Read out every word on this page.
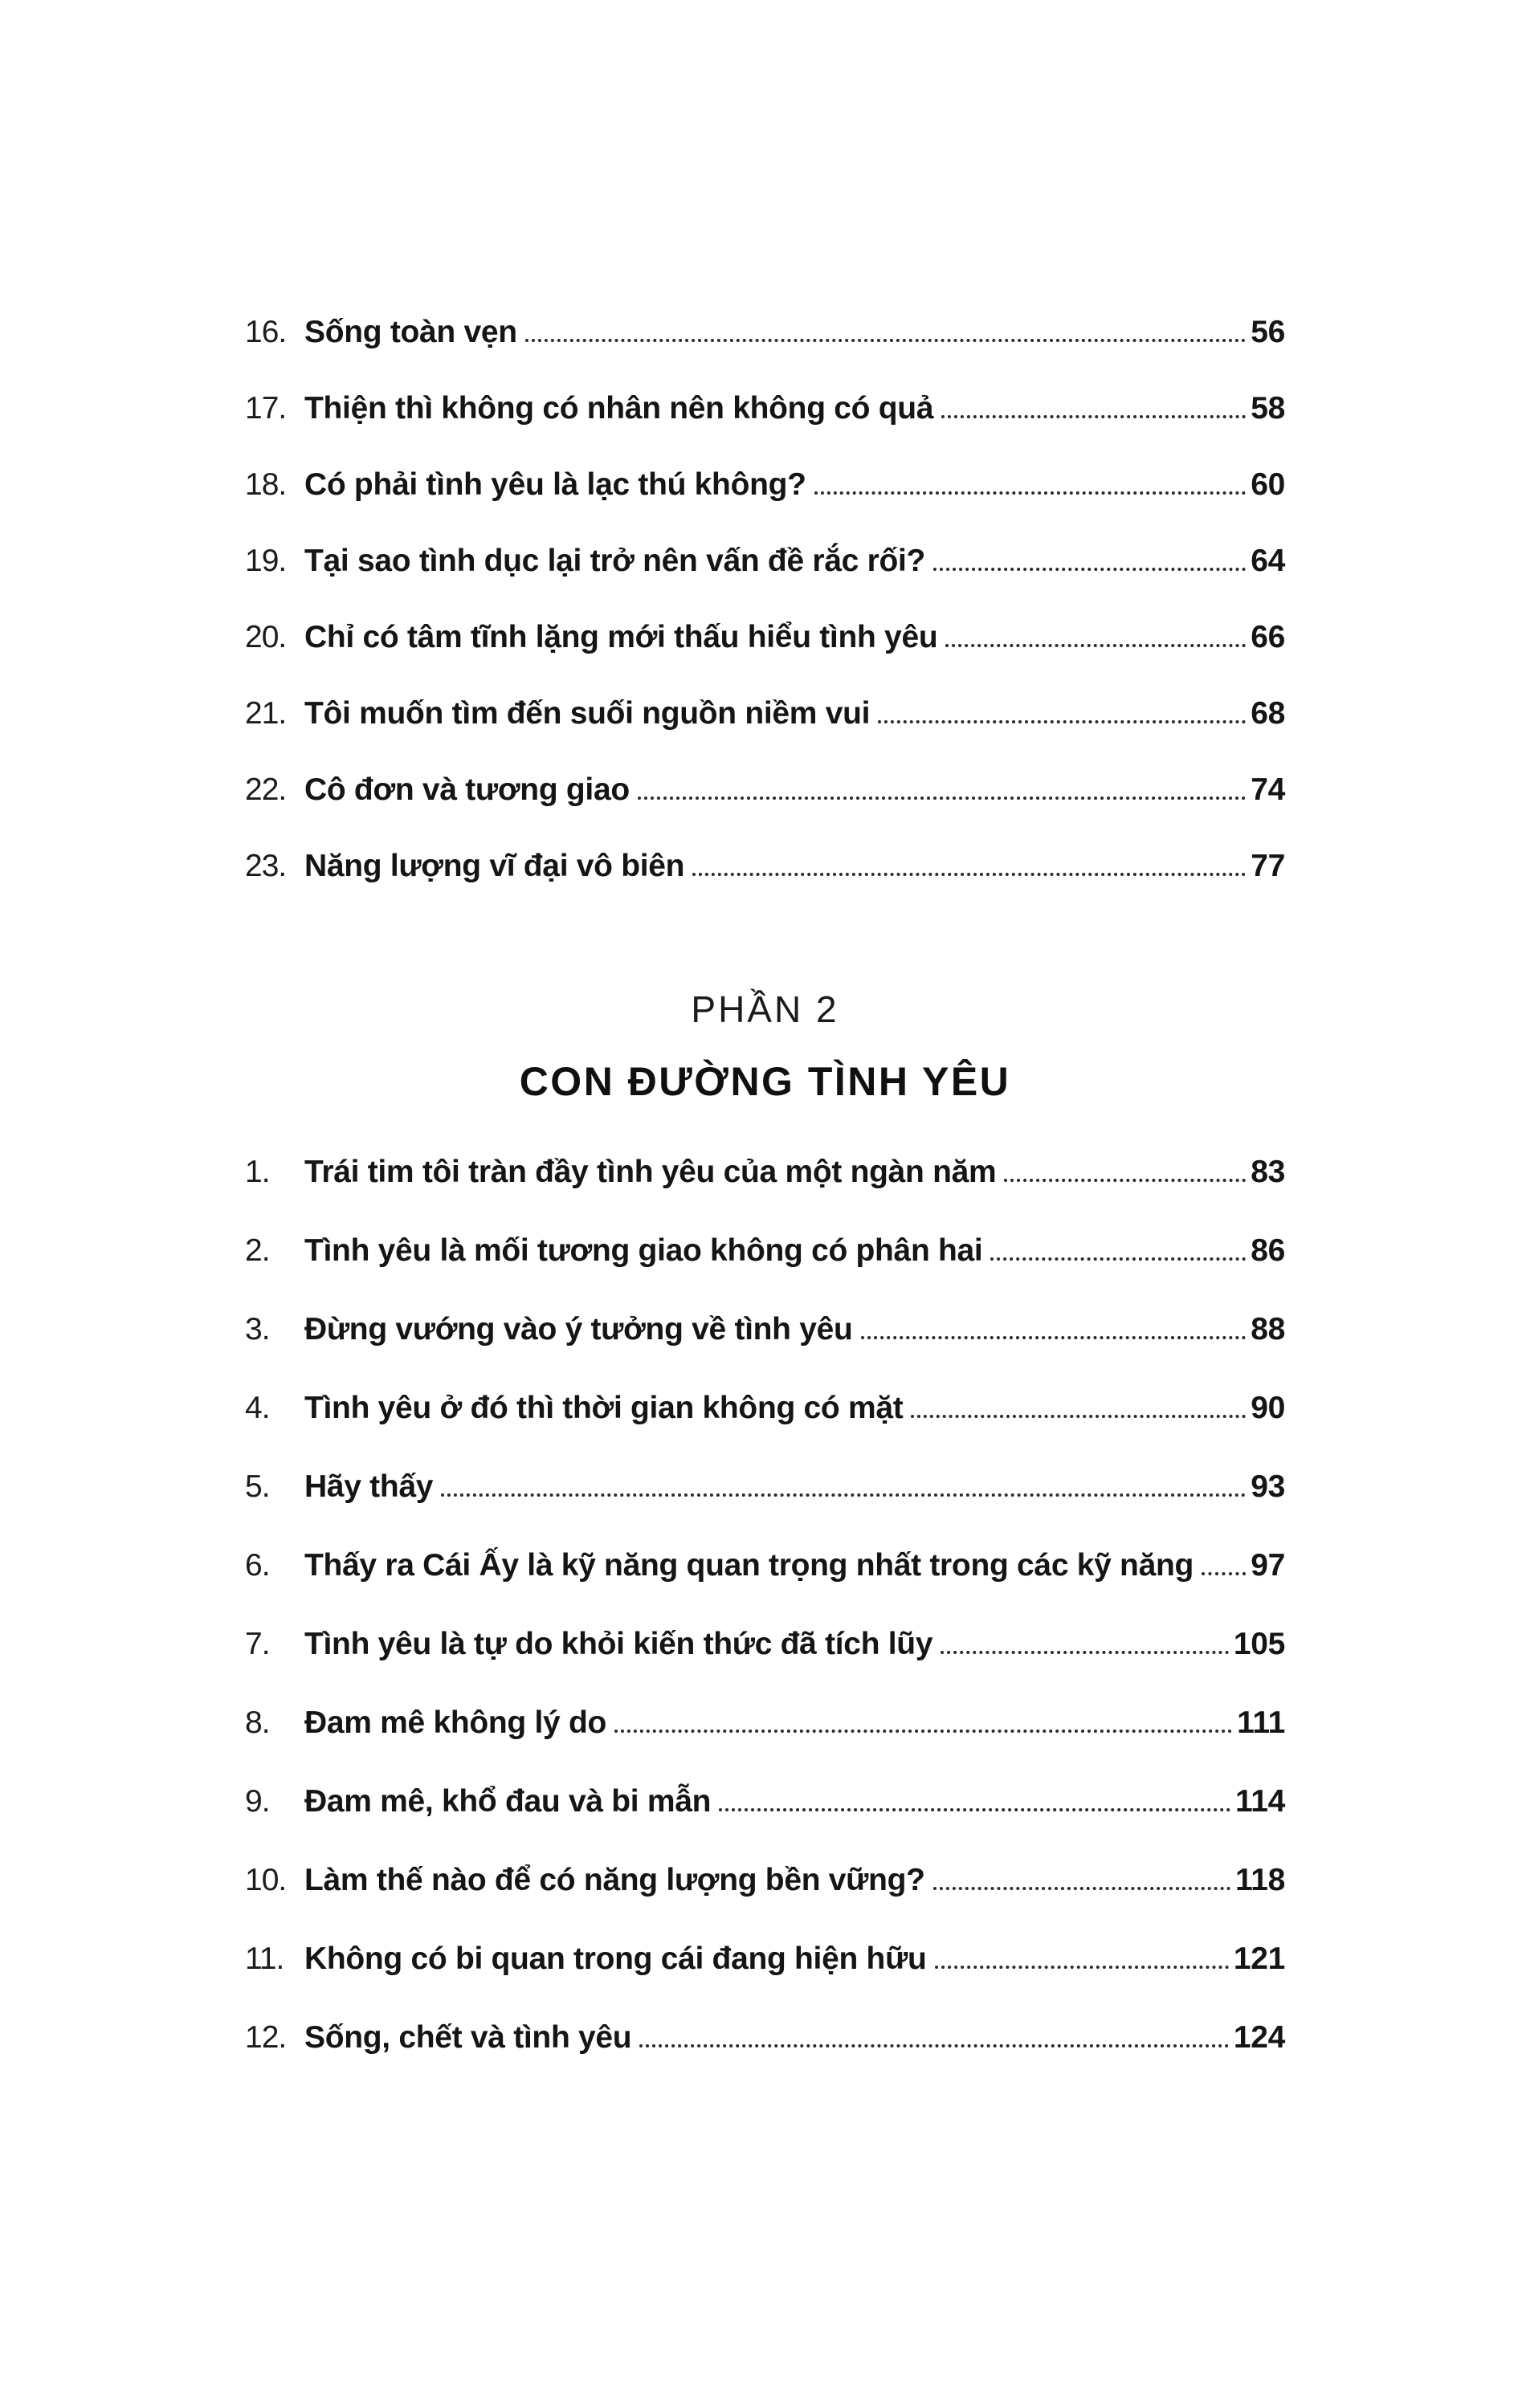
16. Sống toàn vẹn	56
17. Thiện thì không có nhân nên không có quả	58
18. Có phải tình yêu là lạc thú không?	60
19. Tại sao tình dục lại trở nên vấn đề rắc rối?	64
20. Chỉ có tâm tĩnh lặng mới thấu hiểu tình yêu	66
21. Tôi muốn tìm đến suối nguồn niềm vui	68
22. Cô đơn và tương giao	74
23. Năng lượng vĩ đại vô biên	77
PHẦN 2
CON ĐƯỜNG TÌNH YÊU
1.	Trái tim tôi tràn đầy tình yêu của một ngàn năm	83
2.	Tình yêu là mối tương giao không có phân hai	86
3.	Đừng vướng vào ý tưởng về tình yêu	88
4.	Tình yêu ở đó thì thời gian không có mặt	90
5.	Hãy thấy	93
6.	Thấy ra Cái Ấy là kỹ năng quan trọng nhất trong các kỹ năng 97
7.	Tình yêu là tự do khỏi kiến thức đã tích lũy	105
8.	Đam mê không lý do	111
9.	Đam mê, khổ đau và bi mẫn	114
10. Làm thế nào để có năng lượng bền vững?	118
11. Không có bi quan trong cái đang hiện hữu	121
12. Sống, chết và tình yêu	124
